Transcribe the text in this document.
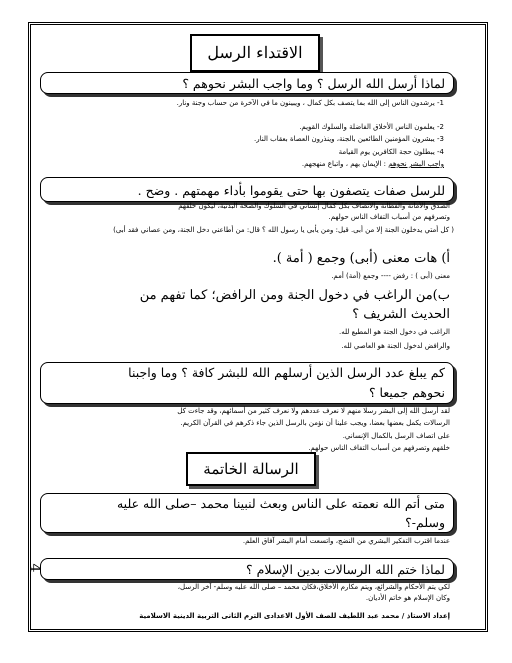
الاقتداء الرسل
لماذا أرسل الله الرسل ؟ وما واجب البشر نحوهم ؟
1- يرشدون الناس إلى الله بما يتصف بكل كمال ، ويبينون ما في الآخرة من حساب وجنة ونار.
2- يعلمون الناس الأخلاق الفاضلة والسلوك القويم.
3- يبشرون المؤمنين الطائعين بالجنة، وينذرون العصاة بعقاب النار.
4- يبطلون حجة الكافرين يوم القيامة
واجب البشر نحوهم : الإيمان بهم ، واتباع منهجهم.
للرسل صفات يتصفون بها حتى يقوموا بأداء مهمتهم . وضح .
الصدق والأمانة والفطانة والاتصاف بكل كمال إنساني في السلوك والصحة البدنية، ليكون خلقهم
وتصرفهم من أسباب التفاف الناس حولهم.
( كل أمتي يدخلون الجنة إلا من أبى. قيل: ومن يأبى يا رسول الله ؟ قال: من أطاعني دخل الجنة، ومن عصاني فقد أبى)
أ) هات معنى (أبى) وجمع ( أمة ).
معنى (أبى ) : رفض ---- وجمع (أمة) أمم.
ب)من الراغب في دخول الجنة ومن الرافض؛ كما تفهم من
الحديث الشريف ؟
الراغب في دخول الجنة هو المطيع لله.
والرافض لدخول الجنة هو العاصي لله.
كم يبلغ عدد الرسل الذين أرسلهم الله للبشر كافة ؟ وما واجبنا
نحوهم جميعا ؟
لقد أرسل الله إلى البشر رسلا منهم لا نعرف عددهم ولا نعرف كثير من أسمائهم، وقد جاءت كل
الرسالات يكمل بعضها بعضا، ويجب علينا أن نؤمن بالرسل الذين جاء ذكرهم في القرآن الكريم.
على اتصاف الرسل بالكمال الإنساني.
خلقهم وتصرفهم من أسباب التفاف الناس حولهم.
الرسالة الخاتمة
متى أتم الله نعمته على الناس وبعث لنبينا محمد –صلى الله عليه
وسلم-؟
عندما اقترب التفكير البشري من النضج، واتسعت أمام البشر آفاق العلم.
لماذا ختم الله الرسالات بدين الإسلام ؟
لكي يتم الأحكام والشرائع، ويتم مكارم الأخلاق،فكان محمد – صلى الله عليه وسلم- آخر الرسل،
وكان الإسلام هو خاتم الأديان.
4
إعداد الاستاذ / محمد عبد اللطيف للصف الأول الاعدادى الترم الثانى التربية الدينية الاسلامية
